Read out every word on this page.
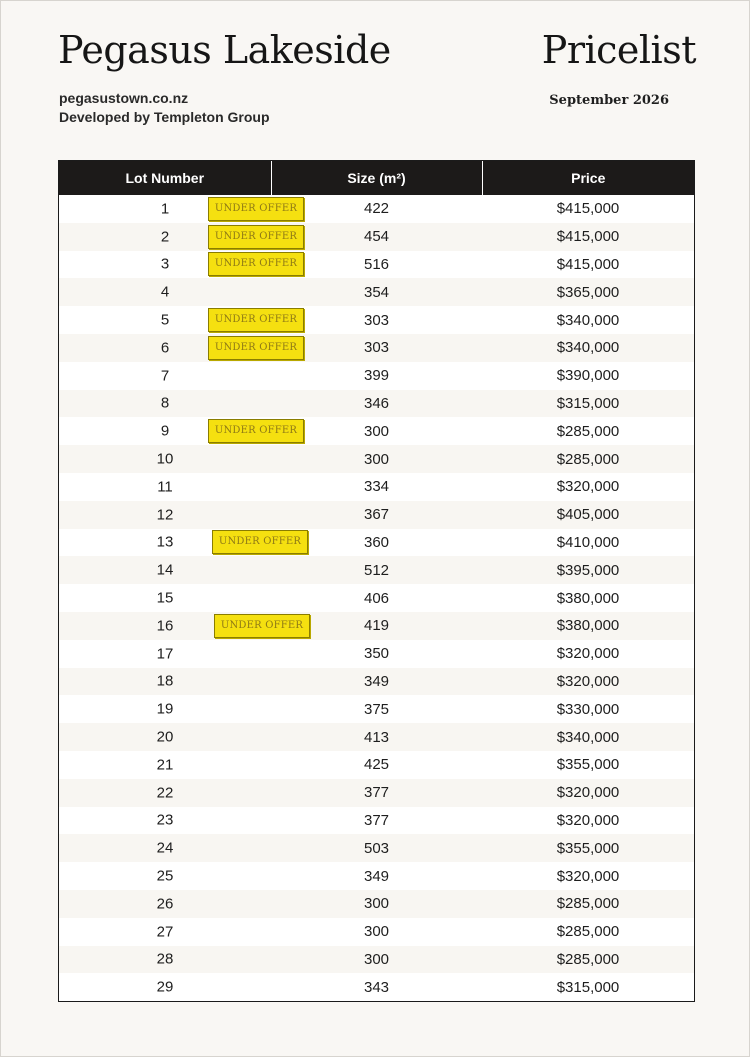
Pegasus Lakeside	Pricelist
pegasustown.co.nz
Developed by Templeton Group
September 2026
Lot Number	Size (m²)	Price

1 UNDER OFFER	422	$415,000

2 UNDER OFFER	454	$415,000

3 UNDER OFFER	516	$415,000

4	354	$365,000

5 UNDER OFFER	303	$340,000

6 UNDER OFFER	303	$340,000

7	399	$390,000

8	346	$315,000

9 UNDER OFFER	300	$285,000

10	300	$285,000

11	334	$320,000

12	367	$405,000

13 UNDER OFFER	360	$410,000

14	512	$395,000

15	406	$380,000

16 UNDER OFFER	419	$380,000

17	350	$320,000

18	349	$320,000

19	375	$330,000

20	413	$340,000

21	425	$355,000

22	377	$320,000

23	377	$320,000

24	503	$355,000

25	349	$320,000

26	300	$285,000

27	300	$285,000

28	300	$285,000

29	343	$315,000
